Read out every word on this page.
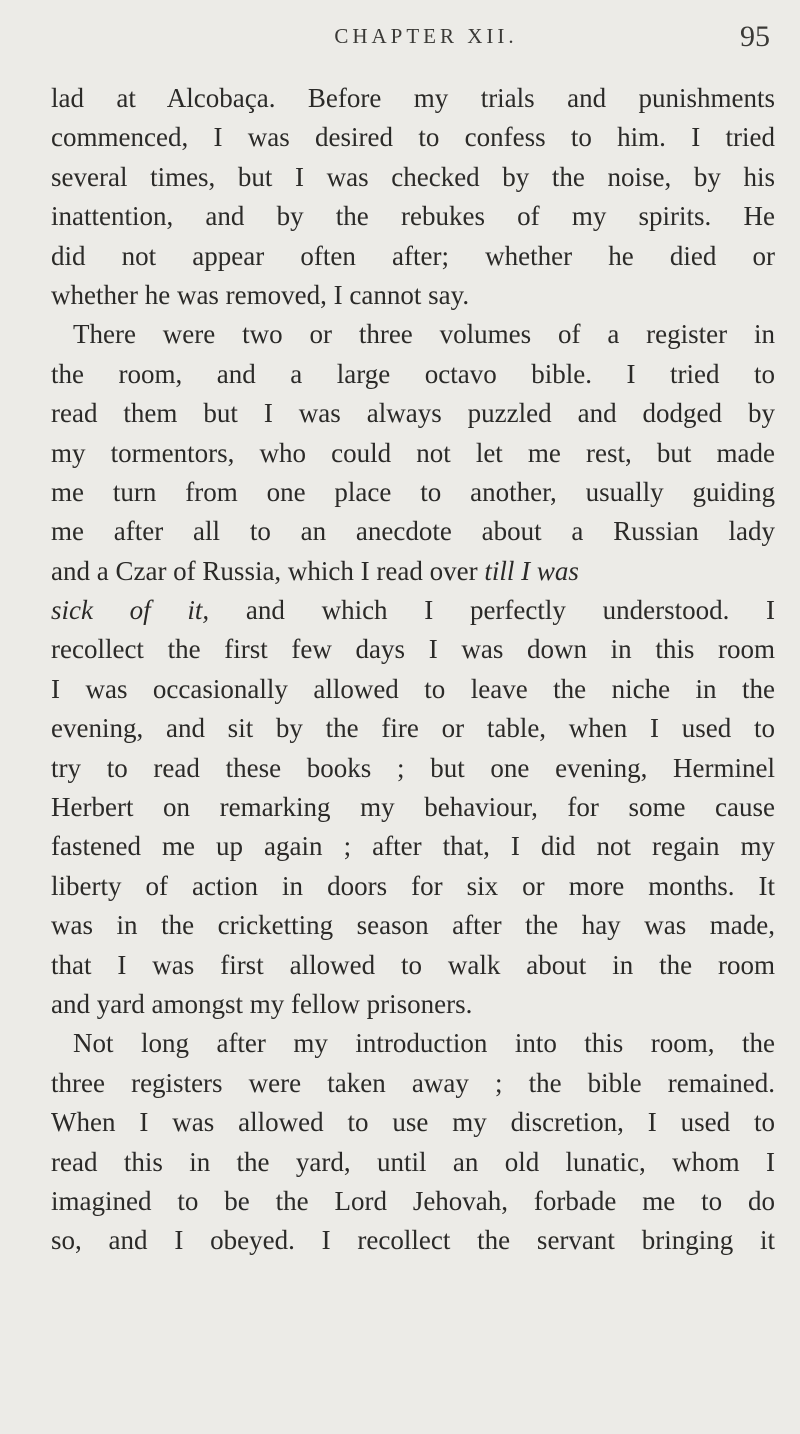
CHAPTER XII.	95
lad at Alcobaça. Before my trials and punishments
commenced, I was desired to confess to him. I tried
several times, but I was checked by the noise, by his
inattention, and by the rebukes of my spirits. He
did not appear often after; whether he died or
whether he was removed, I cannot say.
There were two or three volumes of a register in
the room, and a large octavo bible. I tried to
read them but I was always puzzled and dodged by
my tormentors, who could not let me rest, but made
me turn from one place to another, usually guiding
me after all to an anecdote about a Russian lady
and a Czar of Russia, which I read over till I was
sick of it, and which I perfectly understood. I
recollect the first few days I was down in this room
I was occasionally allowed to leave the niche in the
evening, and sit by the fire or table, when I used to
try to read these books ; but one evening, Herminel
Herbert on remarking my behaviour, for some cause
fastened me up again ; after that, I did not regain my
liberty of action in doors for six or more months. It
was in the cricketting season after the hay was made,
that I was first allowed to walk about in the room
and yard amongst my fellow prisoners.
Not long after my introduction into this room, the
three registers were taken away ; the bible remained.
When I was allowed to use my discretion, I used to
read this in the yard, until an old lunatic, whom I
imagined to be the Lord Jehovah, forbade me to do
so, and I obeyed. I recollect the servant bringing it
